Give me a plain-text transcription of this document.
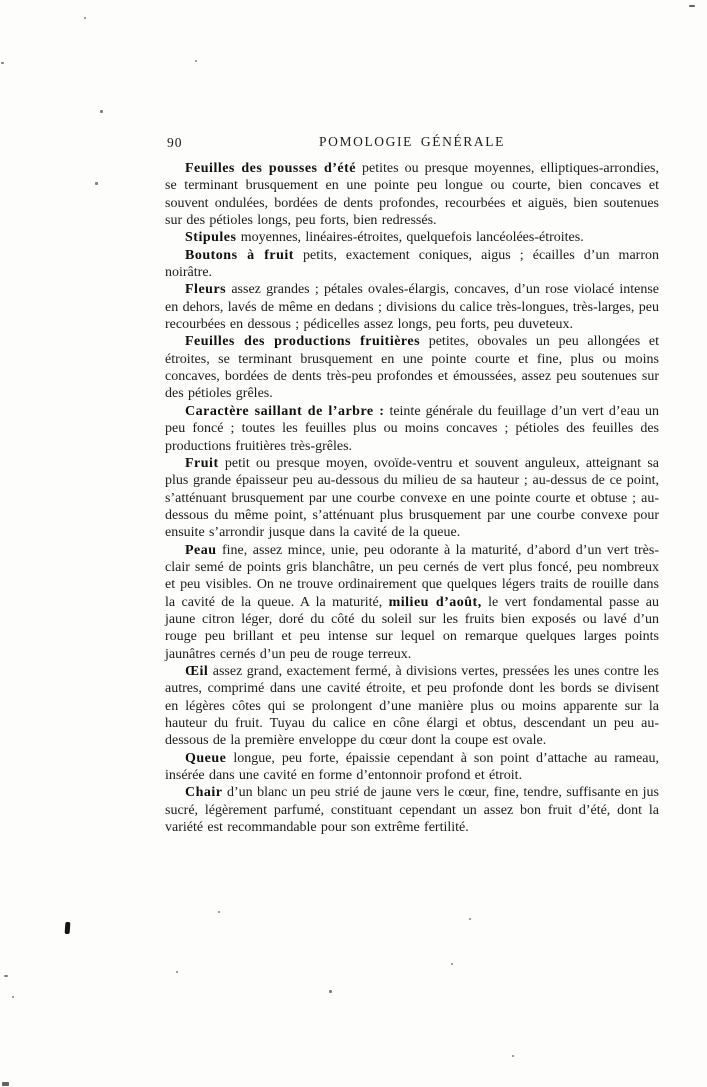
90	POMOLOGIE GÉNÉRALE

Feuilles des pousses d’été petites ou presque moyennes, elliptiques-arrondies, se terminant brusquement en une pointe peu longue ou courte, bien concaves et souvent ondulées, bordées de dents profondes, recourbées et aiguës, bien soutenues sur des pétioles longs, peu forts, bien redressés.

Stipules moyennes, linéaires-étroites, quelquefois lancéolées-étroites.

Boutons à fruit petits, exactement coniques, aigus ; écailles d’un marron noirâtre.

Fleurs assez grandes ; pétales ovales-élargis, concaves, d’un rose violacé intense en dehors, lavés de même en dedans ; divisions du calice très-longues, très-larges, peu recourbées en dessous ; pédicelles assez longs, peu forts, peu duveteux.

Feuilles des productions fruitières petites, obovales un peu allongées et étroites, se terminant brusquement en une pointe courte et fine, plus ou moins concaves, bordées de dents très-peu profondes et émoussées, assez peu soutenues sur des pétioles grêles.

Caractère saillant de l’arbre : teinte générale du feuillage d’un vert d’eau un peu foncé ; toutes les feuilles plus ou moins concaves ; pétioles des feuilles des productions fruitières très-grêles.

Fruit petit ou presque moyen, ovoïde-ventru et souvent anguleux, atteignant sa plus grande épaisseur peu au-dessous du milieu de sa hauteur ; au-dessus de ce point, s’atténuant brusquement par une courbe convexe en une pointe courte et obtuse ; au-dessous du même point, s’atténuant plus brusquement par une courbe convexe pour ensuite s’arrondir jusque dans la cavité de la queue.

Peau fine, assez mince, unie, peu odorante à la maturité, d’abord d’un vert très-clair semé de points gris blanchâtre, un peu cernés de vert plus foncé, peu nombreux et peu visibles. On ne trouve ordinairement que quelques légers traits de rouille dans la cavité de la queue. A la maturité, milieu d’août, le vert fondamental passe au jaune citron léger, doré du côté du soleil sur les fruits bien exposés ou lavé d’un rouge peu brillant et peu intense sur lequel on remarque quelques larges points jaunâtres cernés d’un peu de rouge terreux.

Œil assez grand, exactement fermé, à divisions vertes, pressées les unes contre les autres, comprimé dans une cavité étroite, et peu profonde dont les bords se divisent en légères côtes qui se prolongent d’une manière plus ou moins apparente sur la hauteur du fruit. Tuyau du calice en cône élargi et obtus, descendant un peu au-dessous de la première enveloppe du cœur dont la coupe est ovale.

Queue longue, peu forte, épaissie cependant à son point d’attache au rameau, insérée dans une cavité en forme d’entonnoir profond et étroit.

Chair d’un blanc un peu strié de jaune vers le cœur, fine, tendre, suffisante en jus sucré, légèrement parfumé, constituant cependant un assez bon fruit d’été, dont la variété est recommandable pour son extrême fertilité.
